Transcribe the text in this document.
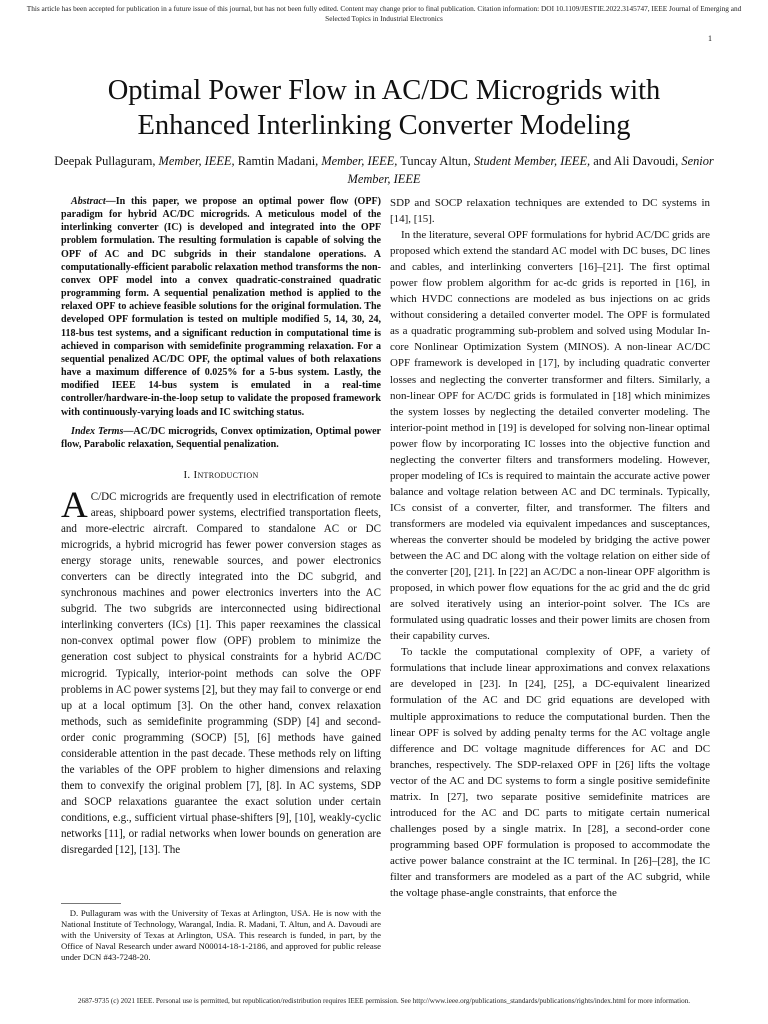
This article has been accepted for publication in a future issue of this journal, but has not been fully edited. Content may change prior to final publication. Citation information: DOI 10.1109/JESTIE.2022.3145747, IEEE Journal of Emerging and Selected Topics in Industrial Electronics
1
Optimal Power Flow in AC/DC Microgrids with
Enhanced Interlinking Converter Modeling
Deepak Pullaguram, Member, IEEE, Ramtin Madani, Member, IEEE, Tuncay Altun, Student Member, IEEE, and Ali Davoudi, Senior Member, IEEE

Abstract—In this paper, we propose an optimal power flow (OPF) paradigm for hybrid AC/DC microgrids. A meticulous model of the interlinking converter (IC) is developed and integrated into the OPF problem formulation. The resulting formulation is capable of solving the OPF of AC and DC subgrids in their standalone operations. A computationally-efficient parabolic relaxation method transforms the non-convex OPF model into a convex quadratic-constrained quadratic programming form. A sequential penalization method is applied to the relaxed OPF to achieve feasible solutions for the original formulation. The developed OPF formulation is tested on multiple modified 5, 14, 30, 24, 118-bus test systems, and a significant reduction in computational time is achieved in comparison with semidefinite programming relaxation. For a sequential penalized AC/DC OPF, the optimal values of both relaxations have a maximum difference of 0.025% for a 5-bus system. Lastly, the modified IEEE 14-bus system is emulated in a real-time controller/hardware-in-the-loop setup to validate the proposed framework with continuously-varying loads and IC switching status.

Index Terms—AC/DC microgrids, Convex optimization, Optimal power flow, Parabolic relaxation, Sequential penalization.

I. Introduction

A C/DC microgrids are frequently used in electrification of remote areas, shipboard power systems, electrified transportation fleets, and more-electric aircraft. Compared to standalone AC or DC microgrids, a hybrid microgrid has fewer power conversion stages as energy storage units, renewable sources, and power electronics converters can be directly integrated into the DC subgrid, and synchronous machines and power electronics inverters into the AC subgrid. The two subgrids are interconnected using bidirectional interlinking converters (ICs) [1]. This paper reexamines the classical non-convex optimal power flow (OPF) problem to minimize the generation cost subject to physical constraints for a hybrid AC/DC microgrid. Typically, interior-point methods can solve the OPF problems in AC power systems [2], but they may fail to converge or end up at a local optimum [3]. On the other hand, convex relaxation methods, such as semidefinite programming (SDP) [4] and second-order conic programming (SOCP) [5], [6] methods have gained considerable attention in the past decade. These methods rely on lifting the variables of the OPF problem to higher dimensions and relaxing them to convexify the original problem [7], [8]. In AC systems, SDP and SOCP relaxations guarantee the exact solution under certain conditions, e.g., sufficient virtual phase-shifters [9], [10], weakly-cyclic networks [11], or radial networks when lower bounds on generation are disregarded [12], [13]. The

SDP and SOCP relaxation techniques are extended to DC systems in [14], [15].

In the literature, several OPF formulations for hybrid AC/DC grids are proposed which extend the standard AC model with DC buses, DC lines and cables, and interlinking converters [16]–[21]. The first optimal power flow problem algorithm for ac-dc grids is reported in [16], in which HVDC connections are modeled as bus injections on ac grids without considering a detailed converter model. The OPF is formulated as a quadratic programming sub-problem and solved using Modular In-core Nonlinear Optimization System (MINOS). A non-linear AC/DC OPF framework is developed in [17], by including quadratic converter losses and neglecting the converter transformer and filters. Similarly, a non-linear OPF for AC/DC grids is formulated in [18] which minimizes the system losses by neglecting the detailed converter modeling. The interior-point method in [19] is developed for solving non-linear optimal power flow by incorporating IC losses into the objective function and neglecting the converter filters and transformers modeling. However, proper modeling of ICs is required to maintain the accurate active power balance and voltage relation between AC and DC terminals. Typically, ICs consist of a converter, filter, and transformer. The filters and transformers are modeled via equivalent impedances and susceptances, whereas the converter should be modeled by bridging the active power between the AC and DC along with the voltage relation on either side of the converter [20], [21]. In [22] an AC/DC a non-linear OPF algorithm is proposed, in which power flow equations for the ac grid and the dc grid are solved iteratively using an interior-point solver. The ICs are formulated using quadratic losses and their power limits are chosen from their capability curves.

To tackle the computational complexity of OPF, a variety of formulations that include linear approximations and convex relaxations are developed in [23]. In [24], [25], a DC-equivalent linearized formulation of the AC and DC grid equations are developed with multiple approximations to reduce the computational burden. Then the linear OPF is solved by adding penalty terms for the AC voltage angle difference and DC voltage magnitude differences for AC and DC branches, respectively. The SDP-relaxed OPF in [26] lifts the voltage vector of the AC and DC systems to form a single positive semidefinite matrix. In [27], two separate positive semidefinite matrices are introduced for the AC and DC parts to mitigate certain numerical challenges posed by a single matrix. In [28], a second-order cone programming based OPF formulation is proposed to accommodate the active power balance constraint at the IC terminal. In [26]–[28], the IC filter and transformers are modeled as a part of the AC subgrid, while the voltage phase-angle constraints, that enforce the

D. Pullaguram was with the University of Texas at Arlington, USA. He is now with the National Institute of Technology, Warangal, India. R. Madani, T. Altun, and A. Davoudi are with the University of Texas at Arlington, USA. This research is funded, in part, by the Office of Naval Research under award N00014-18-1-2186, and approved for public release under DCN #43-7248-20.

2687-9735 (c) 2021 IEEE. Personal use is permitted, but republication/redistribution requires IEEE permission. See http://www.ieee.org/publications_standards/publications/rights/index.html for more information.
